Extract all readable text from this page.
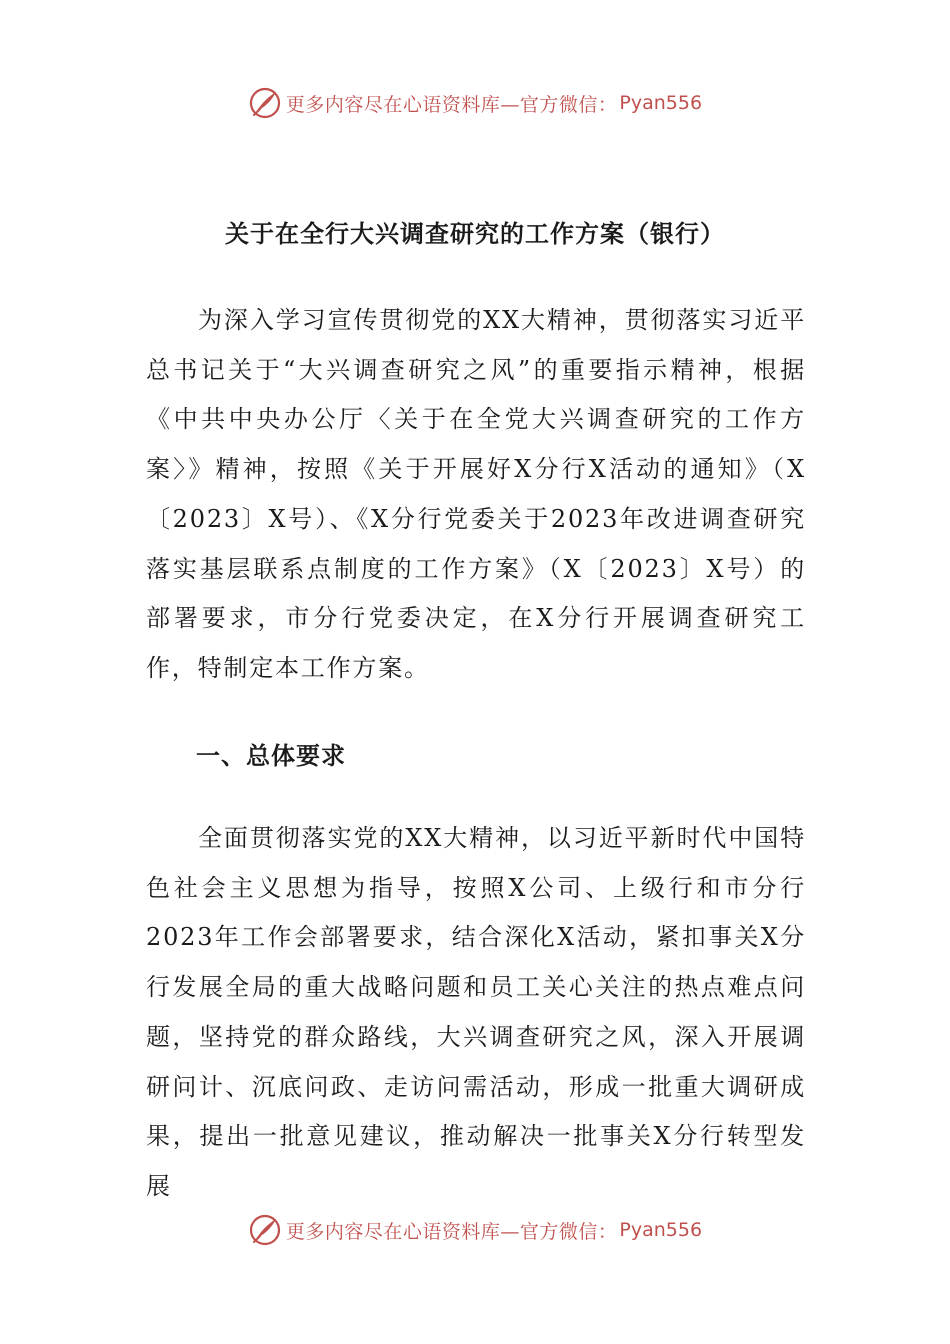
更多内容尽在心语资料库—官方微信： Pyan556
关于在全行大兴调查研究的工作方案（银行）

为深入学习宣传贯彻党的XX大精神，贯彻落实习近平总书记关于“大兴调查研究之风”的重要指示精神，根据《中共中央办公厅〈关于在全党大兴调查研究的工作方案〉》精神，按照《关于开展好X分行X活动的通知》（X〔2023〕X号）、《X分行党委关于2023年改进调查研究落实基层联系点制度的工作方案》（X〔2023〕X号）的部署要求，市分行党委决定，在X分行开展调查研究工作，特制定本工作方案。

一、总体要求

全面贯彻落实党的XX大精神，以习近平新时代中国特色社会主义思想为指导，按照X公司、上级行和市分行2023年工作会部署要求，结合深化X活动，紧扣事关X分行发展全局的重大战略问题和员工关心关注的热点难点问题，坚持党的群众路线，大兴调查研究之风，深入开展调研问计、沉底问政、走访问需活动，形成一批重大调研成果，提出一批意见建议，推动解决一批事关X分行转型发展

更多内容尽在心语资料库—官方微信： Pyan556
